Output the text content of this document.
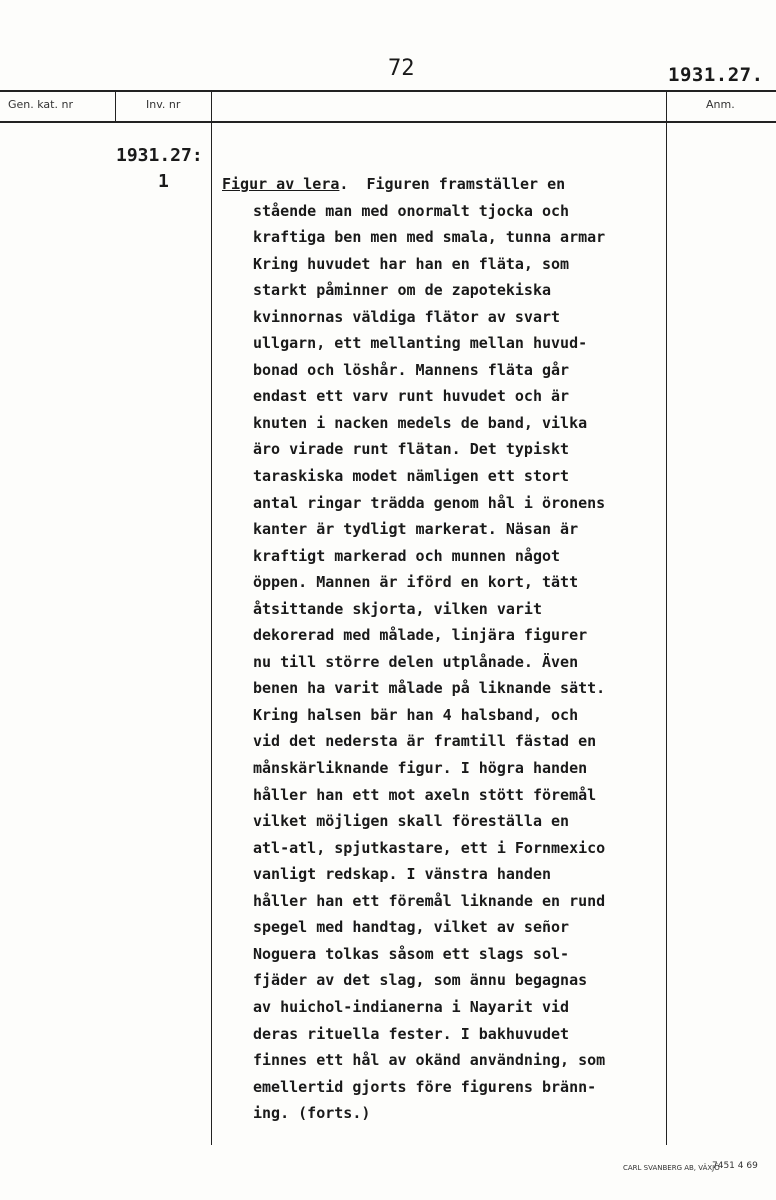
72	1931.27.
Gen. kat. nr	Inv. nr	Anm.
1931.27:
1	Figur av lera.  Figuren framställer en
stående man med onormalt tjocka och
kraftiga ben men med smala, tunna armar
Kring huvudet har han en fläta, som
starkt påminner om de zapotekiska
kvinnornas väldiga flätor av svart
ullgarn, ett mellanting mellan huvud-
bonad och löshår. Mannens fläta går
endast ett varv runt huvudet och är
knuten i nacken medels de band, vilka
äro virade runt flätan. Det typiskt
taraskiska modet nämligen ett stort
antal ringar trädda genom hål i öronens
kanter är tydligt markerat. Näsan är
kraftigt markerad och munnen något
öppen. Mannen är iförd en kort, tätt
åtsittande skjorta, vilken varit
dekorerad med målade, linjära figurer
nu till större delen utplånade. Även
benen ha varit målade på liknande sätt.
Kring halsen bär han 4 halsband, och
vid det nedersta är framtill fästad en
månskärliknande figur. I högra handen
håller han ett mot axeln stött föremål
vilket möjligen skall föreställa en
atl-atl, spjutkastare, ett i Fornmexico
vanligt redskap. I vänstra handen
håller han ett föremål liknande en rund
spegel med handtag, vilket av señor
Noguera tolkas såsom ett slags sol-
fjäder av det slag, som ännu begagnas
av huichol-indianerna i Nayarit vid
deras rituella fester. I bakhuvudet
finnes ett hål av okänd användning, som
emellertid gjorts före figurens bränn-
ing. (forts.)
CARL SVANBERG AB, VÄXJÖ
7451 4 69
